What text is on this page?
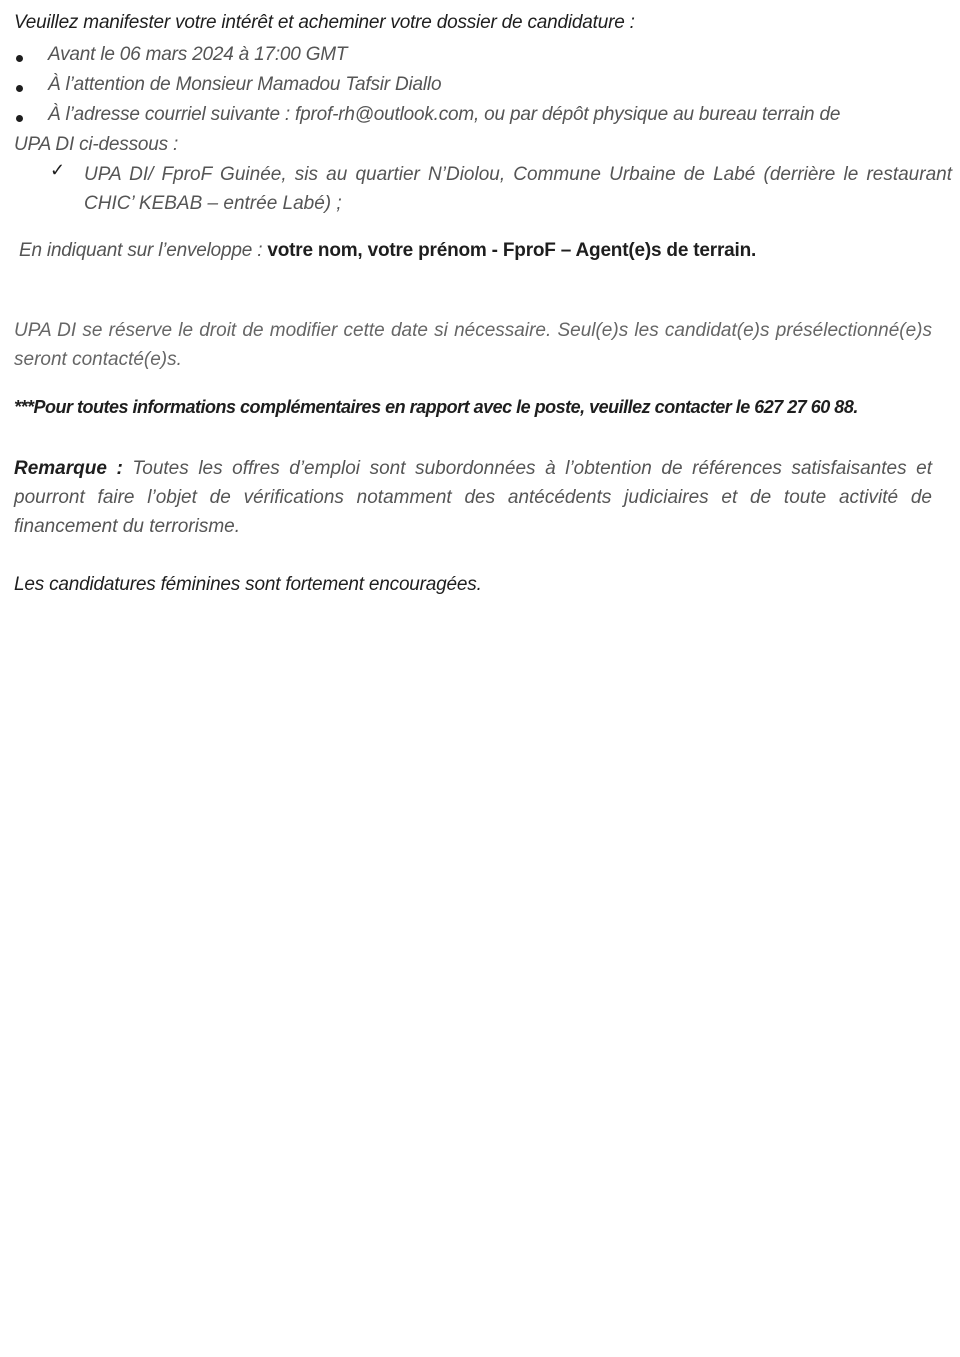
Veuillez manifester votre intérêt et acheminer votre dossier de candidature :
Avant le 06 mars 2024 à 17:00 GMT
À l’attention de Monsieur Mamadou Tafsir Diallo
À l’adresse courriel suivante : fprof-rh@outlook.com, ou par dépôt physique au bureau terrain de
UPA DI ci-dessous :
✓ UPA DI/ FproF Guinée, sis au quartier N’Diolou, Commune Urbaine de Labé (derrière le restaurant CHIC’ KEBAB – entrée Labé) ;
En indiquant sur l’enveloppe : votre nom, votre prénom - FproF – Agent(e)s de terrain.
UPA DI se réserve le droit de modifier cette date si nécessaire. Seul(e)s les candidat(e)s présélectionné(e)s seront contacté(e)s.
***Pour toutes informations complémentaires en rapport avec le poste, veuillez contacter le 627 27 60 88.
Remarque : Toutes les offres d’emploi sont subordonnées à l’obtention de références satisfaisantes et pourront faire l’objet de vérifications notamment des antécédents judiciaires et de toute activité de financement du terrorisme.
Les candidatures féminines sont fortement encouragées.
